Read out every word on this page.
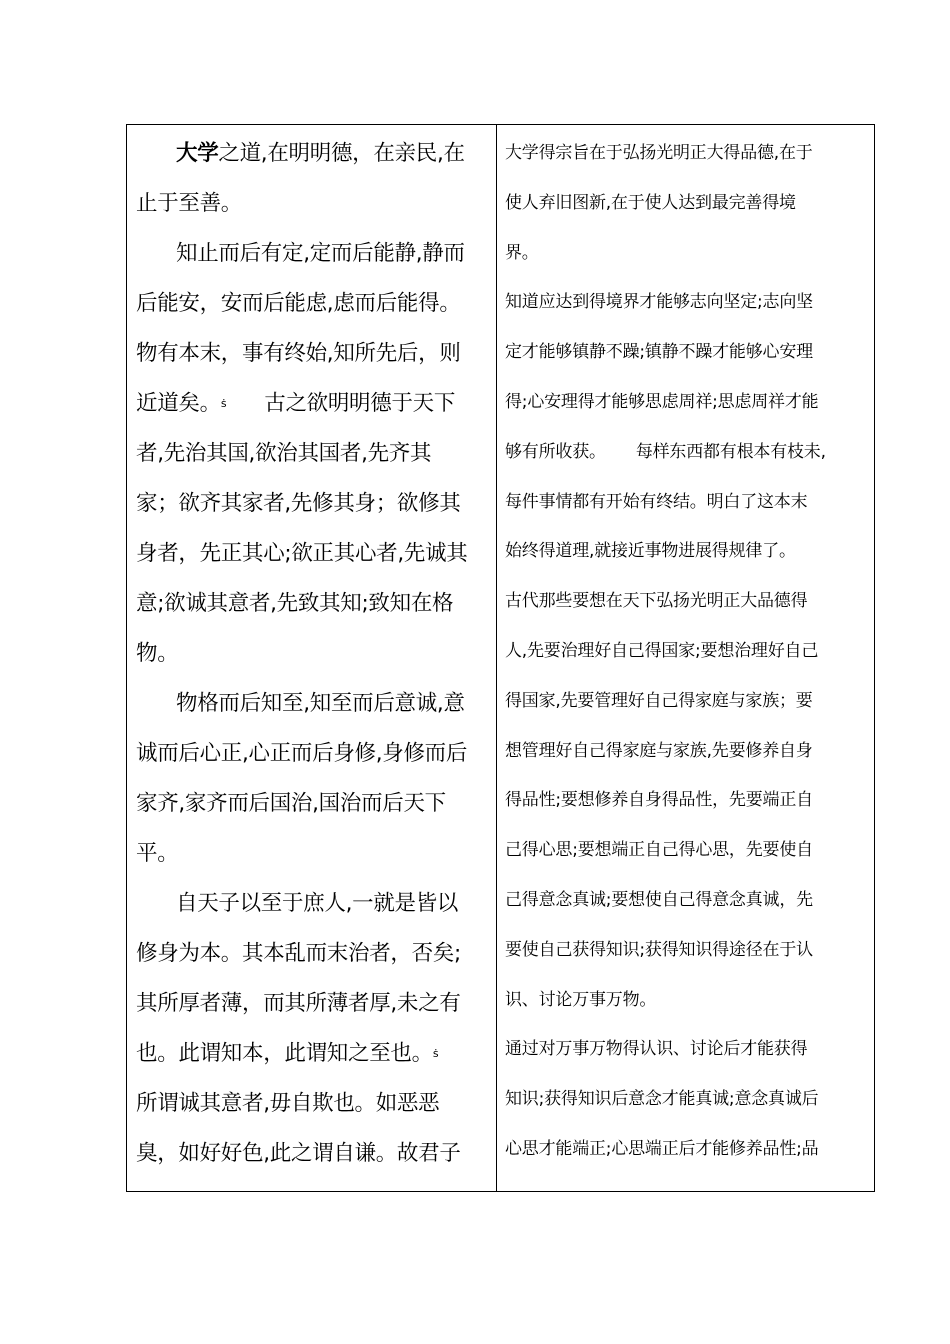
大学之道,在明明德，在亲民,在
止于至善。
知止而后有定,定而后能静,静而
后能安，安而后能虑,虑而后能得。
物有本末，事有终始,知所先后，则
近道矣。ṡ 古之欲明明德于天下
者,先治其国,欲治其国者,先齐其
家；欲齐其家者,先修其身；欲修其
身者，先正其心;欲正其心者,先诚其
意;欲诚其意者,先致其知;致知在格
物。
物格而后知至,知至而后意诚,意
诚而后心正,心正而后身修,身修而后
家齐,家齐而后国治,国治而后天下
平。
自天子以至于庶人,一就是皆以
修身为本。其本乱而末治者，否矣;
其所厚者薄，而其所薄者厚,未之有
也。此谓知本，此谓知之至也。ṡ
所谓诚其意者,毋自欺也。如恶恶
臭，如好好色,此之谓自谦。故君子
大学得宗旨在于弘扬光明正大得品德,在于
使人弃旧图新,在于使人达到最完善得境
界。
知道应达到得境界才能够志向坚定;志向坚
定才能够镇静不躁;镇静不躁才能够心安理
得;心安理得才能够思虑周祥;思虑周祥才能
够有所收获。 每样东西都有根本有枝未,
每件事情都有开始有终结。明白了这本末
始终得道理,就接近事物进展得规律了。
古代那些要想在天下弘扬光明正大品德得
人,先要治理好自己得国家;要想治理好自己
得国家,先要管理好自己得家庭与家族；要
想管理好自己得家庭与家族,先要修养自身
得品性;要想修养自身得品性，先要端正自
己得心思;要想端正自己得心思，先要使自
己得意念真诚;要想使自己得意念真诚，先
要使自己获得知识;获得知识得途径在于认
识、讨论万事万物。
通过对万事万物得认识、讨论后才能获得
知识;获得知识后意念才能真诚;意念真诚后
心思才能端正;心思端正后才能修养品性;品
